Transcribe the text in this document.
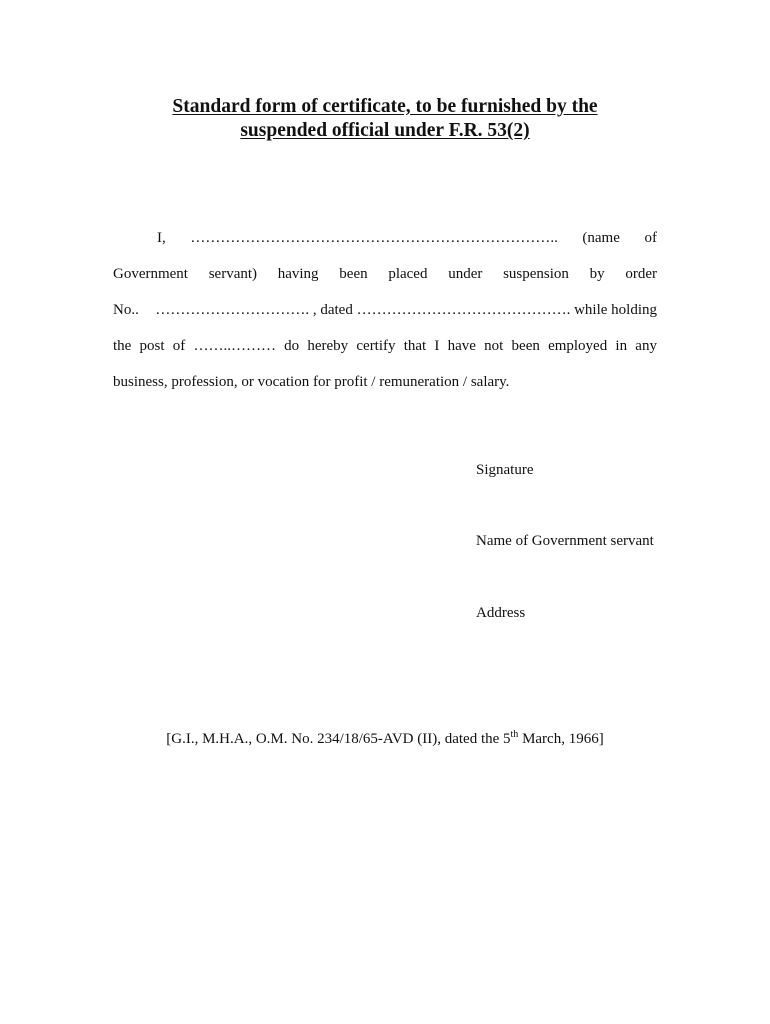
Standard form of certificate, to be furnished by the
suspended official under F.R. 53(2)
I, ……………………………………………………………….. (name of
Government servant) having been placed under suspension by order
No.. …………………………. , dated ……………………………………. while holding
the post of ……..……… do hereby certify that I have not been employed in any
business, profession, or vocation for profit / remuneration / salary.
Signature
Name of Government servant
Address
[G.I., M.H.A., O.M. No. 234/18/65-AVD (II), dated the 5th March, 1966]
